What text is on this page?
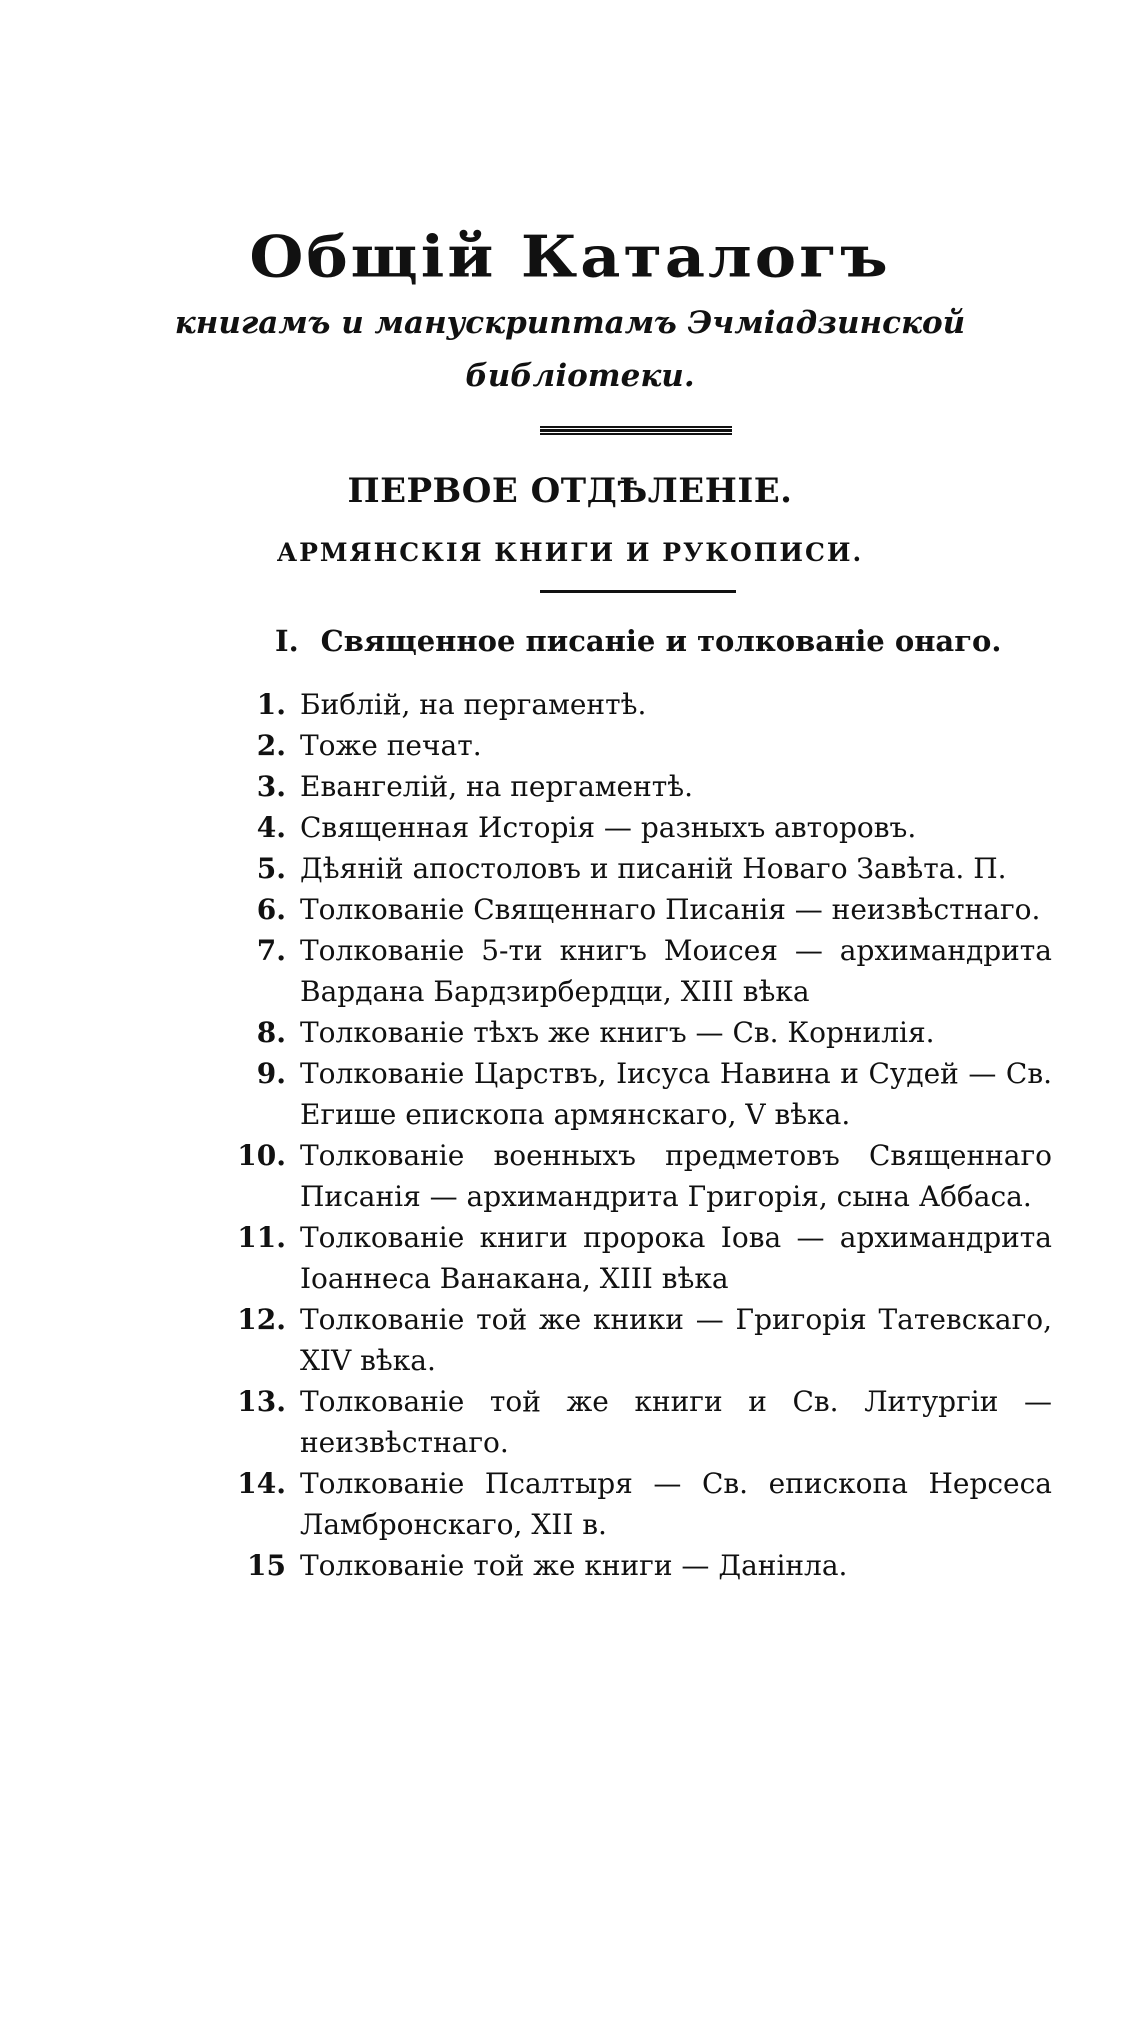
Общій Каталогъ
книгамъ и манускриптамъ Эчміадзинской
библіотеки.
ПЕРВОЕ ОТДѢЛЕНІЕ.
АРМЯНСКІЯ КНИГИ И РУКОПИСИ.
I. Священное писаніе и толкованіе онаго.
1. Библій, на пергаментѣ.
2. Тоже печат.
3. Евангелій, на пергаментѣ.
4. Священная Исторія — разныхъ авторовъ.
5. Дѣяній апостоловъ и писаній Новаго Завѣта. П.
6. Толкованіе Священнаго Писанія — неизвѣстнаго.
7. Толкованіе 5-ти книгъ Моисея — архимандрита Вардана Бардзирбердци, XIII вѣка
8. Толкованіе тѣхъ же книгъ — Св. Корнилія.
9. Толкованіе Царствъ, Іисуса Навина и Судей — Св. Егише епископа армянскаго, V вѣка.
10. Толкованіе военныхъ предметовъ Священнаго Писанія — архимандрита Григорія, сына Аббаса.
11. Толкованіе книги пророка Іова — архимандрита Іоаннеса Ванакана, XIII вѣка
12. Толкованіе той же кники — Григорія Татевскаго, XIV вѣка.
13. Толкованіе той же книги и Св. Литургіи — неизвѣстнаго.
14. Толкованіе Псалтыря — Св. епископа Нерсеса Ламбронскаго, XII в.
15 Толкованіе той же книги — Данінла.
